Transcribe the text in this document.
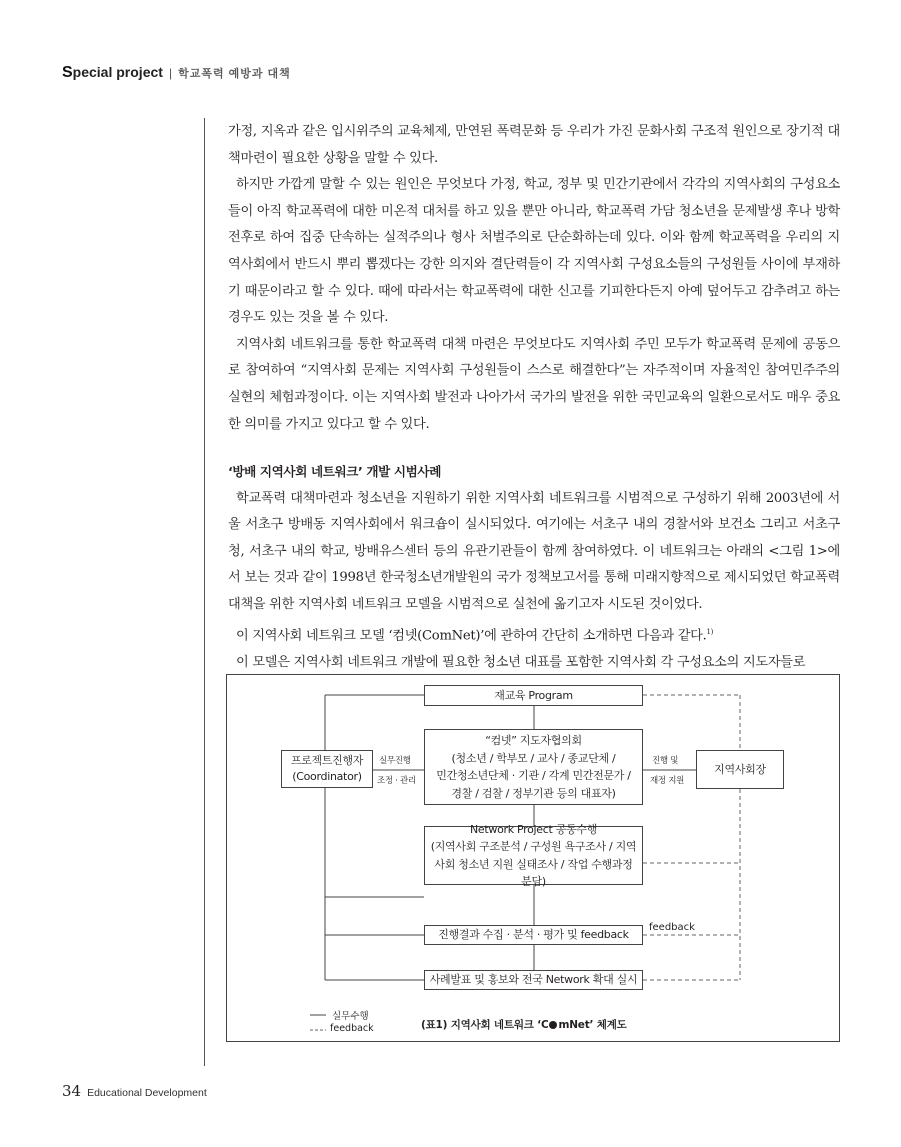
S pecial project | 학교폭력 예방과 대책

가정, 지옥과 같은 입시위주의 교육체제, 만연된 폭력문화 등 우리가 가진 문화사회 구조적 원인으로 장기적 대책마련이 필요한 상황을 말할 수 있다.

하지만 가깝게 말할 수 있는 원인은 무엇보다 가정, 학교, 정부 및 민간기관에서 각각의 지역사회의 구성요소들이 아직 학교폭력에 대한 미온적 대처를 하고 있을 뿐만 아니라, 학교폭력 가담 청소년을 문제발생 후나 방학 전후로 하여 집중 단속하는 실적주의나 형사 처벌주의로 단순화하는데 있다. 이와 함께 학교폭력을 우리의 지역사회에서 반드시 뿌리 뽑겠다는 강한 의지와 결단력들이 각 지역사회 구성요소들의 구성원들 사이에 부재하기 때문이라고 할 수 있다. 때에 따라서는 학교폭력에 대한 신고를 기피한다든지 아예 덮어두고 감추려고 하는 경우도 있는 것을 볼 수 있다.

지역사회 네트워크를 통한 학교폭력 대책 마련은 무엇보다도 지역사회 주민 모두가 학교폭력 문제에 공동으로 참여하여 “지역사회 문제는 지역사회 구성원들이 스스로 해결한다”는 자주적이며 자율적인 참여민주주의 실현의 체험과정이다. 이는 지역사회 발전과 나아가서 국가의 발전을 위한 국민교육의 일환으로서도 매우 중요한 의미를 가지고 있다고 할 수 있다.

‘방배 지역사회 네트워크’ 개발 시범사례

학교폭력 대책마련과 청소년을 지원하기 위한 지역사회 네트워크를 시범적으로 구성하기 위해 2003년에 서울 서초구 방배동 지역사회에서 워크숍이 실시되었다. 여기에는 서초구 내의 경찰서와 보건소 그리고 서초구청, 서초구 내의 학교, 방배유스센터 등의 유관기관들이 함께 참여하였다. 이 네트워크는 아래의 <그림 1>에서 보는 것과 같이 1998년 한국청소년개발원의 국가 정책보고서를 통해 미래지향적으로 제시되었던 학교폭력 대책을 위한 지역사회 네트워크 모델을 시범적으로 실천에 옮기고자 시도된 것이었다.

이 지역사회 네트워크 모델 ‘컴넷(ComNet)’에 관하여 간단히 소개하면 다음과 같다.$^{1)}$

이 모델은 지역사회 네트워크 개발에 필요한 청소년 대표를 포함한 지역사회 각 구성요소의 지도자들로

재교육 Program
“컴넷” 지도자협의회
(청소년 / 학부모 / 교사 / 종교단체 /
민간청소년단체 · 기관 / 각계 민간전문가 /
경찰 / 검찰 / 정부기관 등의 대표자)
프로젝트진행자
(Coordinator)
실무진행
조정 · 관리
진행 및
재정 지원
지역사회장
Network Project 공동수행
(지역사회 구조분석 / 구성원 욕구조사 / 지역
사회 청소년 지원 실태조사 / 작업 수행과정
분담)
진행결과 수집 · 분석 · 평가 및 feedback
feedback
사례발표 및 홍보와 전국 Network 확대 실시
실무수행
feedback	(표1) 지역사회 네트워크 ‘C mNet’ 체계도
34 Educational Development
